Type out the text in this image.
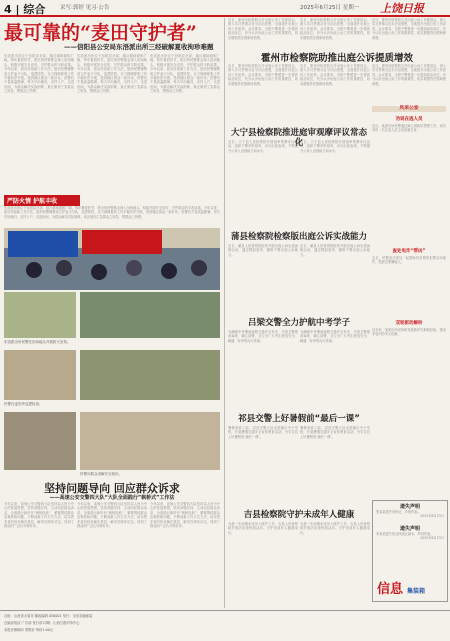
4 | 综合	采写:郭婷 见习·公告	2025年6月25日 星期一 上饶日报
最可靠的“麦田守护者”
——信阳县公安局东浯派出所三经破解夏收拘珍难题
东浯派出所位于信阳县北部，辖区耕地面积广阔，每年夏收时节，派出所民警都会深入田间地头，积极开展安全宣传，守护群众的丰收成果。今年以来，派出所创新工作方法，组织民警辅警成立护麦小分队，巡逻防控，全力保障夏收工作平稳有序开展，受到辖区群众一致好评。民警们不畏高温酷暑，每天早出晚归，走村入户，走进田间，为群众解决实际困难，真正做到了急群众之所急、想群众之所想。
东浯派出所位于信阳县北部，辖区耕地面积广阔，每年夏收时节，派出所民警都会深入田间地头，积极开展安全宣传，守护群众的丰收成果。今年以来，派出所创新工作方法，组织民警辅警成立护麦小分队，巡逻防控，全力保障夏收工作平稳有序开展，受到辖区群众一致好评。民警们不畏高温酷暑，每天早出晚归，走村入户，走进田间，为群众解决实际困难，真正做到了急群众之所急、想群众之所想。
东浯派出所位于信阳县北部，辖区耕地面积广阔，每年夏收时节，派出所民警都会深入田间地头，积极开展安全宣传，守护群众的丰收成果。今年以来，派出所创新工作方法，组织民警辅警成立护麦小分队，巡逻防控，全力保障夏收工作平稳有序开展，受到辖区群众一致好评。民警们不畏高温酷暑，每天早出晚归，走村入户，走进田间，为群众解决实际困难，真正做到了急群众之所急、想群众之所想。
严防火情 护航丰收
东浯派出所位于信阳县北部，辖区耕地面积广阔，每年夏收时节，派出所民警都会深入田间地头，积极开展安全宣传，守护群众的丰收成果。今年以来，派出所创新工作方法，组织民警辅警成立护麦小分队，巡逻防控，全力保障夏收工作平稳有序开展，受到辖区群众一致好评。民警们不畏高温酷暑，每天早出晚归，走村入户，走进田间，为群众解决实际困难，真正做到了急群众之所急、想群众之所想。
东浯派出所民警在田间地头开展防火宣传。
民警在麦田旁巡逻检查。
民警向群众讲解安全知识。
坚持问题导向 回应群众诉求
——高速公安交警四大队“大队全面践行”枫桥式”工作法
今年以来，高速公安交警四大队坚持以人民为中心的发展思想，坚持问题导向，主动回应群众诉求，全面践行新时代“枫桥经验”，紧紧围绕群众急难愁盼问题，不断创新工作方式方法，切实把矛盾纠纷化解在基层、解决在萌芽状态，得到了群众的广泛认可和好评。
今年以来，高速公安交警四大队坚持以人民为中心的发展思想，坚持问题导向，主动回应群众诉求，全面践行新时代“枫桥经验”，紧紧围绕群众急难愁盼问题，不断创新工作方式方法，切实把矛盾纠纷化解在基层、解决在萌芽状态，得到了群众的广泛认可和好评。
今年以来，高速公安交警四大队坚持以人民为中心的发展思想，坚持问题导向，主动回应群众诉求，全面践行新时代“枫桥经验”，紧紧围绕群众急难愁盼问题，不断创新工作方式方法，切实把矛盾纠纷化解在基层、解决在萌芽状态，得到了群众的广泛认可和好评。
近日，霍州市检察院召开出庭公诉工作推进会，深入学习贯彻习近平法治思想，全面提升出庭公诉工作质效。会议要求，全院干警要进一步提高政治站位，充分认识出庭公诉工作的重要性，切实增强责任感和使命感。
近日，霍州市检察院召开出庭公诉工作推进会，深入学习贯彻习近平法治思想，全面提升出庭公诉工作质效。会议要求，全院干警要进一步提高政治站位，充分认识出庭公诉工作的重要性，切实增强责任感和使命感。
近日，霍州市检察院召开出庭公诉工作推进会，深入学习贯彻习近平法治思想，全面提升出庭公诉工作质效。会议要求，全院干警要进一步提高政治站位，充分认识出庭公诉工作的重要性，切实增强责任感和使命感。
霍州市检察院助推出庭公诉提质增效
近日，霍州市检察院召开出庭公诉工作推进会，深入学习贯彻习近平法治思想，全面提升出庭公诉工作质效。会议要求，全院干警要进一步提高政治站位，充分认识出庭公诉工作的重要性，切实增强责任感和使命感。
近日，霍州市检察院召开出庭公诉工作推进会，深入学习贯彻习近平法治思想，全面提升出庭公诉工作质效。会议要求，全院干警要进一步提高政治站位，充分认识出庭公诉工作的重要性，切实增强责任感和使命感。
近日，霍州市检察院召开出庭公诉工作推进会，深入学习贯彻习近平法治思想，全面提升出庭公诉工作质效。会议要求，全院干警要进一步提高政治站位，充分认识出庭公诉工作的重要性，切实增强责任感和使命感。
风采公安
劝说在逃人员
近日，某派出所民警通过耐心细致的思想工作，成功劝说一名在逃人员主动投案自首。
查处电诈“帮凶”
近日，民警成功查处一起帮助信息网络犯罪活动案件，抓获犯罪嫌疑人。
双轮驱动解纷
近年来，某派出所坚持和发展新时代枫桥经验，推动矛盾纠纷多元化解。
大宁县检察院推进庭审观摩评议常态化
近日，大宁县人民检察院开展庭审观摩评议活动，组织干警旁听庭审，评议出庭表现，不断提升公诉人出庭能力和水平。
近日，大宁县人民检察院开展庭审观摩评议活动，组织干警旁听庭审，评议出庭表现，不断提升公诉人出庭能力和水平。
蒲县检察院检察版出庭公诉实战能力
近日，蒲县人民检察院组织开展出庭公诉实战演练活动，通过模拟庭审，锤炼干警出庭公诉能力。
近日，蒲县人民检察院组织开展出庭公诉实战演练活动，通过模拟庭审，锤炼干警出庭公诉能力。
吕梁交警全力护航中考学子
为确保中考期间道路交通安全有序，吕梁交警提前谋划、精心部署，全力为广大考生营造安全、畅通、有序的出行环境。
为确保中考期间道路交通安全有序，吕梁交警提前谋划、精心部署，全力为广大考生营造安全、畅通、有序的出行环境。
祁县交警上好暑假前“最后一课”
暑假来临之际，祁县交警大队走进辖区中小学校，开展暑期交通安全宣传教育活动，为学生们上好暑假前“最后一课”。
暑假来临之际，祁县交警大队走进辖区中小学校，开展暑期交通安全宣传教育活动，为学生们上好暑假前“最后一课”。
吉县检察院守护未成年人健康
为进一步加强未成年人保护工作，吉县人民检察院开展法治进校园活动，守护未成年人健康成长。
为进一步加强未成年人保护工作，吉县人民检察院开展法治进校园活动，守护未成年人健康成长。
遗失声明
张某某遗失身份证，声明作废。
2025年6月23日
遗失声明
李某某遗失营业执照正副本，声明作废。
2025年6月23日
信息 集装箱
社址：山西省太原市 邮政编码 030001 发行：全省各地邮局
总编室电话 广告部 发行部 印刷：山西日报印务中心
本报法律顾问 零售价 每份1.00元
